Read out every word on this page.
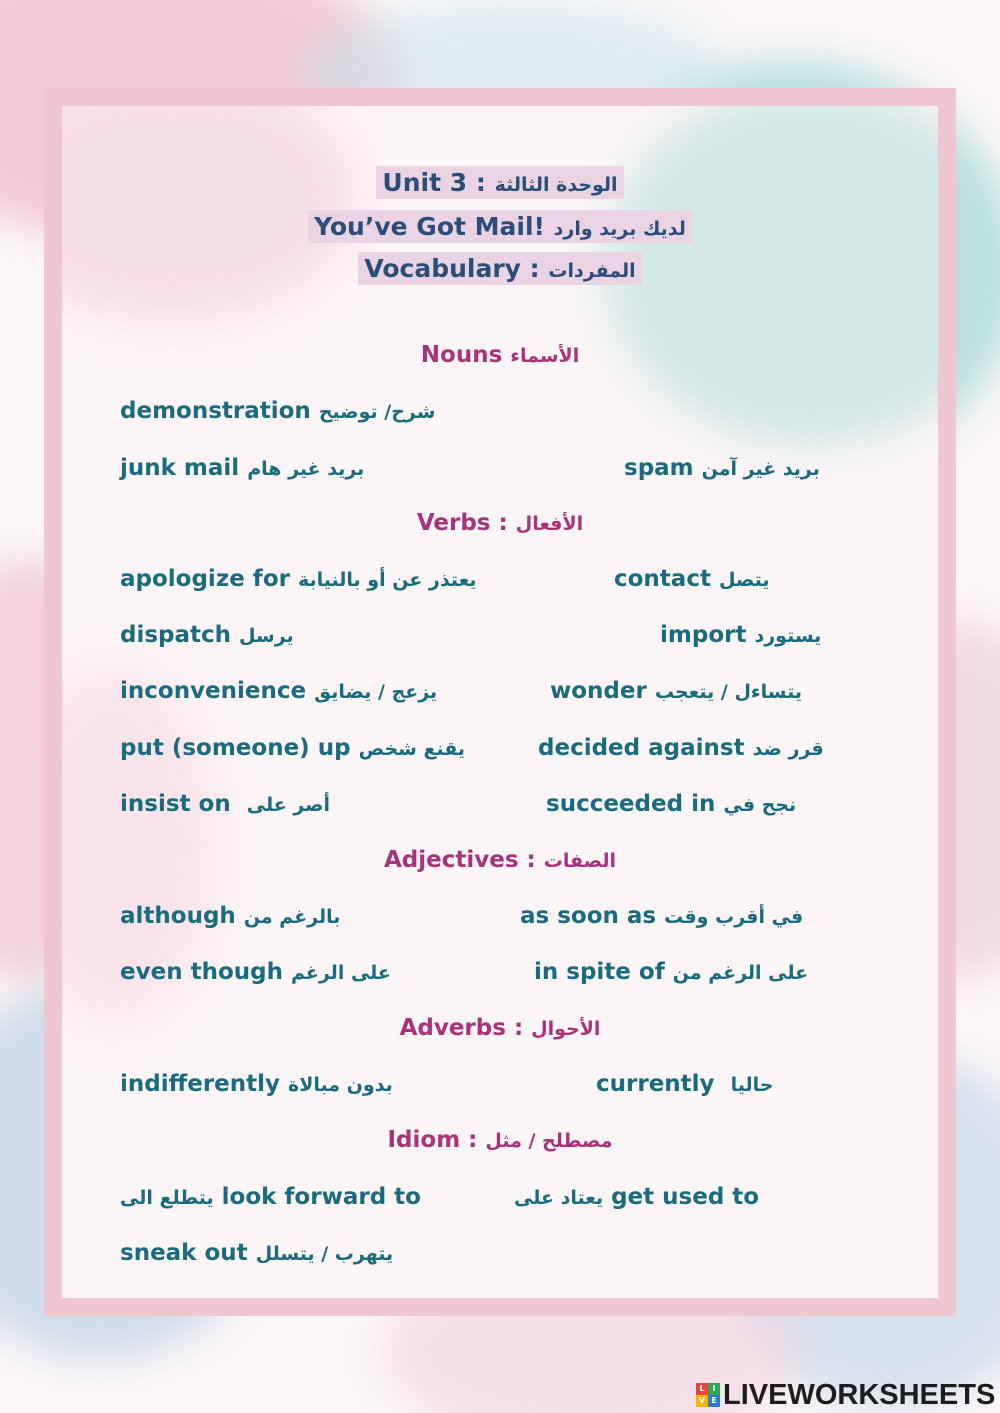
Unit 3 : الوحدة الثالثة
You’ve Got Mail! لديك بريد وارد
Vocabulary : المفردات
Nouns الأسماء
demonstration شرح/ توضيح
junk mail بريد غير هام	spam بريد غير آمن
Verbs : الأفعال
apologize for يعتذر عن أو بالنيابة	contact يتصل
dispatch يرسل	import يستورد
inconvenience يزعج / يضايق	wonder يتساءل / يتعجب
put (someone) up يقنع شخص	decided against قرر ضد
insist on أصر على	succeeded in نجح في
Adjectives : الصفات
although بالرغم من	as soon as في أقرب وقت
even though على الرغم	in spite of على الرغم من
Adverbs : الأحوال
indifferently بدون مبالاة	currently حاليا
Idiom : مصطلح / مثل
يتطلع الى look forward to	يعتاد على get used to
sneak out يتهرب / يتسلل
L I
V E LIVEWORKSHEETS
